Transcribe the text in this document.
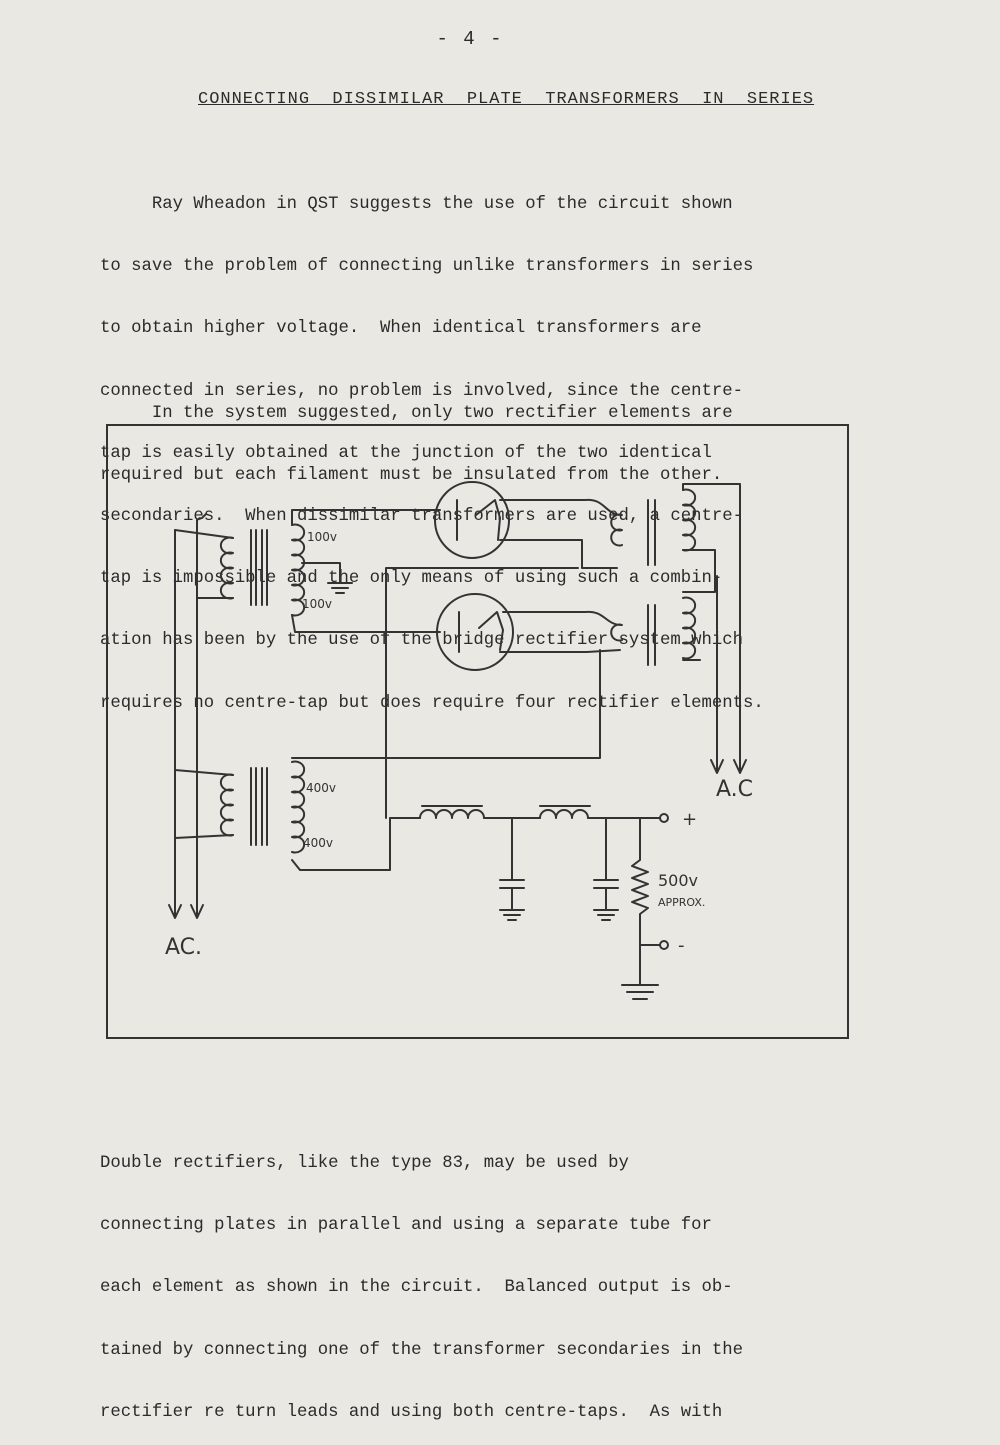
- 4 -
CONNECTING  DISSIMILAR  PLATE  TRANSFORMERS  IN  SERIES

Ray Wheadon in QST suggests the use of the circuit shown

to save the problem of connecting unlike transformers in series

to obtain higher voltage.  When identical transformers are

connected in series, no problem is involved, since the centre-

tap is easily obtained at the junction of the two identical

secondaries.  When dissimilar transformers are used, a centre-

tap is impossible and the only means of using such a combin-

ation has been by the use of the bridge rectifier system which

requires no centre-tap but does require four rectifier elements.

In the system suggested, only two rectifier elements are

required but each filament must be insulated from the other.

100v
100v
400v
400v
AC.
A.C
+
-
500v
APPROX.

Double rectifiers, like the type 83, may be used by

connecting plates in parallel and using a separate tube for

each element as shown in the circuit.  Balanced output is ob-

tained by connecting one of the transformer secondaries in the

rectifier re turn leads and using both centre-taps.  As with
